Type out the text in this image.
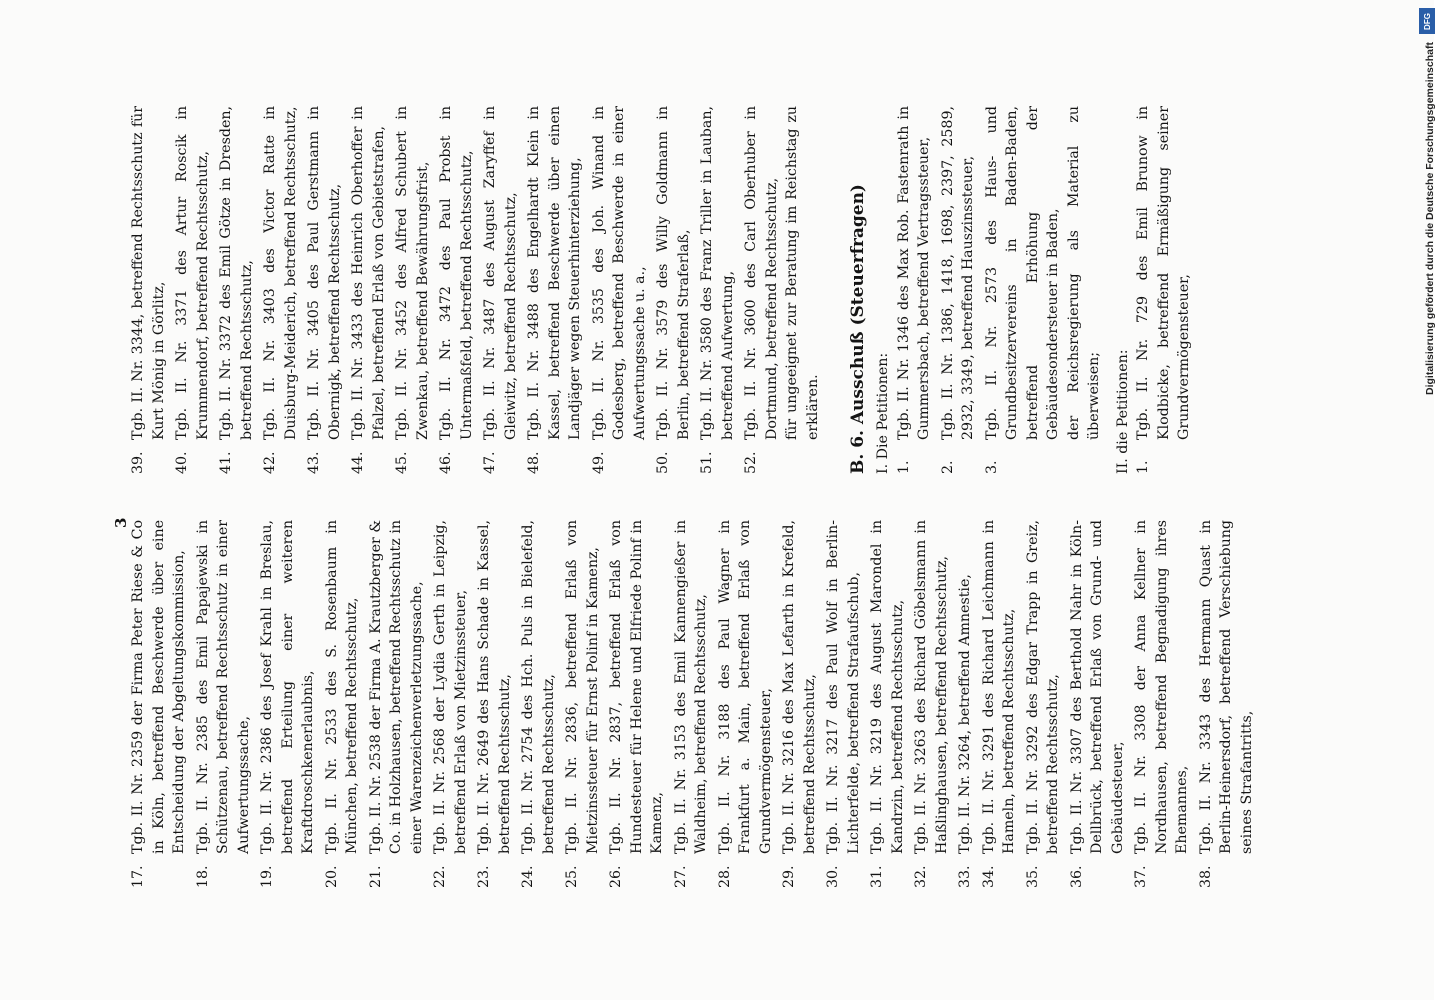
3
17.
Tgb. II. Nr. 2359 der Firma Peter Riese & Co in Köln, betreffend Beschwerde über eine Entscheidung der Abgeltungskommission,
18.
Tgb. II. Nr. 2385 des Emil Papajewski in Schützenau, betreffend Rechtsschutz in einer Aufwertungssache,
19.
Tgb. II. Nr. 2386 des Josef Krahl in Breslau, betreffend Erteilung einer weiteren Kraftdroschkenerlaubnis,
20.
Tgb. II. Nr. 2533 des S. Rosenbaum in München, betreffend Rechtsschutz,
21.
Tgb. II. Nr. 2538 der Firma A. Krautzberger & Co. in Holzhausen, betreffend Rechtsschutz in einer Warenzeichenverletzungssache,
22.
Tgb. II. Nr. 2568 der Lydia Gerth in Leipzig, betreffend Erlaß von Mietzinssteuer,
23.
Tgb. II. Nr. 2649 des Hans Schade in Kassel, betreffend Rechtsschutz,
24.
Tgb. II. Nr. 2754 des Hch. Puls in Bielefeld, betreffend Rechtsschutz,
25.
Tgb. II. Nr. 2836, betreffend Erlaß von Mietzinssteuer für Ernst Polinf in Kamenz,
26.
Tgb. II. Nr. 2837, betreffend Erlaß von Hundesteuer für Helene und Elfriede Polinf in Kamenz,
27.
Tgb. II. Nr. 3153 des Emil Kannengießer in Waldheim, betreffend Rechtsschutz,
28.
Tgb. II. Nr. 3188 des Paul Wagner in Frankfurt a. Main, betreffend Erlaß von Grundvermögensteuer,
29.
Tgb. II. Nr. 3216 des Max Lefarth in Krefeld, betreffend Rechtsschutz,
30.
Tgb. II. Nr. 3217 des Paul Wolf in Berlin-Lichterfelde, betreffend Strafaufschub,
31.
Tgb. II. Nr. 3219 des August Marondel in Kandrzin, betreffend Rechtsschutz,
32.
Tgb. II. Nr. 3263 des Richard Göbelsmann in Haßlinghausen, betreffend Rechtsschutz,
33.
Tgb. II. Nr. 3264, betreffend Amnestie,
34.
Tgb. II. Nr. 3291 des Richard Leichmann in Hameln, betreffend Rechtsschutz,
35.
Tgb. II. Nr. 3292 des Edgar Trapp in Greiz, betreffend Rechtsschutz,
36.
Tgb. II. Nr. 3307 des Berthold Nahr in Köln-Dellbrück, betreffend Erlaß von Grund- und Gebäudesteuer,
37.
Tgb. II. Nr. 3308 der Anna Kellner in Nordhausen, betreffend Begnadigung ihres Ehemannes,
38.
Tgb. II. Nr. 3343 des Hermann Quast in Berlin-Heinersdorf, betreffend Verschiebung seines Strafantritts,
39.
Tgb. II. Nr. 3344, betreffend Rechtsschutz für Kurt Mönig in Görlitz,
40.
Tgb. II. Nr. 3371 des Artur Roscik in Krummendorf, betreffend Rechtsschutz,
41.
Tgb. II. Nr. 3372 des Emil Götze in Dresden, betreffend Rechtsschutz,
42.
Tgb. II. Nr. 3403 des Victor Ratte in Duisburg-Meiderich, betreffend Rechtsschutz,
43.
Tgb. II. Nr. 3405 des Paul Gerstmann in Obernigk, betreffend Rechtsschutz,
44.
Tgb. II. Nr. 3433 des Heinrich Oberhoffer in Pfalzel, betreffend Erlaß von Gebietstrafen,
45.
Tgb. II. Nr. 3452 des Alfred Schubert in Zwenkau, betreffend Bewährungsfrist,
46.
Tgb. II. Nr. 3472 des Paul Probst in Untermaßfeld, betreffend Rechtsschutz,
47.
Tgb. II. Nr. 3487 des August Zaryffef in Gleiwitz, betreffend Rechtsschutz,
48.
Tgb. II. Nr. 3488 des Engelhardt Klein in Kassel, betreffend Beschwerde über einen Landjäger wegen Steuerhinterziehung,
49.
Tgb. II. Nr. 3535 des Joh. Winand in Godesberg, betreffend Beschwerde in einer Aufwertungssache u. a.,
50.
Tgb. II. Nr. 3579 des Willy Goldmann in Berlin, betreffend Straferlaß,
51.
Tgb. II. Nr. 3580 des Franz Triller in Lauban, betreffend Aufwertung,
52.
Tgb. II. Nr. 3600 des Carl Oberhuber in Dortmund, betreffend Rechtsschutz, für ungeeignet zur Beratung im Reichstag zu erklären. B. 6. Ausschuß (Steuerfragen) I. Die Petitionen: 1.
Tgb. II. Nr. 1346 des Max Rob. Fastenrath in Gummersbach, betreffend Vertragssteuer,
2.
Tgb. II. Nr. 1386, 1418, 1698, 2397, 2589, 2932, 3349, betreffend Hauszinssteuer,
3.
Tgb. II. Nr. 2573 des Haus- und Grundbesitzervereins in Baden-Baden, betreffend Erhöhung der Gebäudesondersteuer in Baden, der Reichsregierung als Material zu überweisen; II. die Petitionen: 1.
Tgb. II. Nr. 729 des Emil Brunow in Klodbicke, betreffend Ermäßigung seiner Grundvermögensteuer,	Digitalisierung gefördert durch die Deutsche Forschungsgemeinschaft
DFG
